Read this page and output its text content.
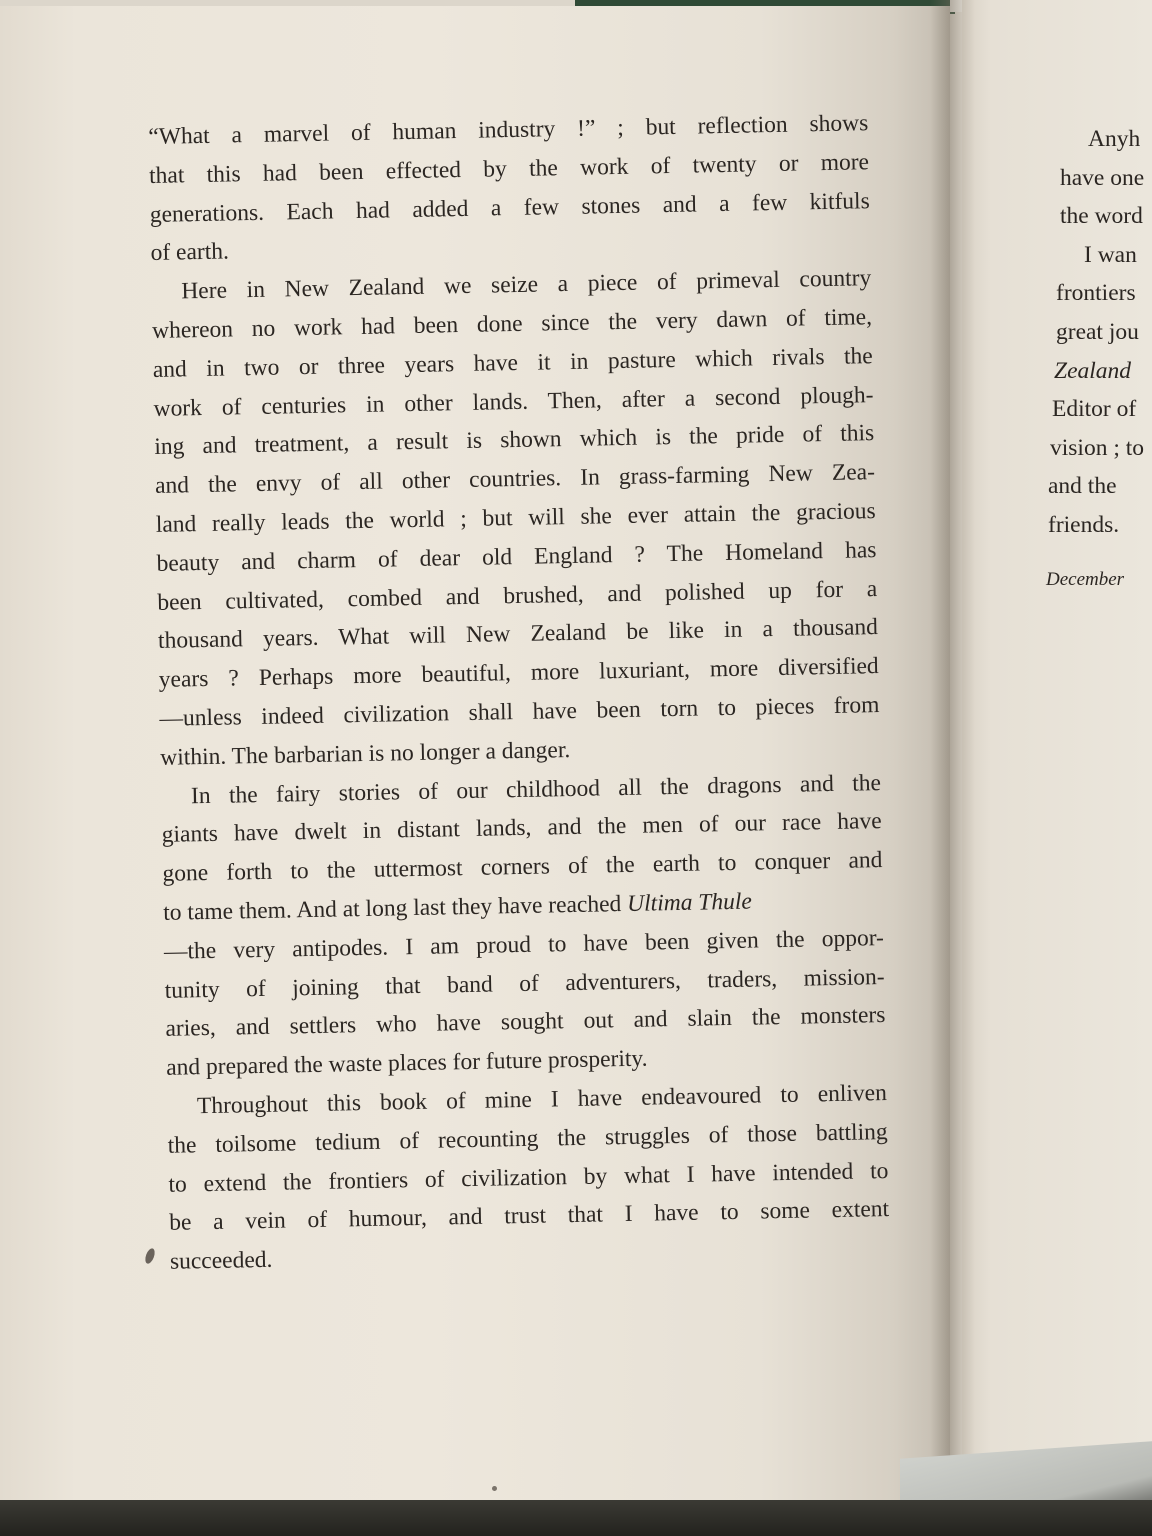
“What a marvel of human industry !” ; but reflection shows
that this had been effected by the work of twenty or more
generations. Each had added a few stones and a few kitfuls
of earth.

Here in New Zealand we seize a piece of primeval country
whereon no work had been done since the very dawn of time,
and in two or three years have it in pasture which rivals the
work of centuries in other lands. Then, after a second plough-
ing and treatment, a result is shown which is the pride of this
and the envy of all other countries. In grass-farming New Zea-
land really leads the world ; but will she ever attain the gracious
beauty and charm of dear old England ? The Homeland has
been cultivated, combed and brushed, and polished up for a
thousand years. What will New Zealand be like in a thousand
years ? Perhaps more beautiful, more luxuriant, more diversified
—unless indeed civilization shall have been torn to pieces from
within. The barbarian is no longer a danger.

In the fairy stories of our childhood all the dragons and the
giants have dwelt in distant lands, and the men of our race have
gone forth to the uttermost corners of the earth to conquer and
to tame them. And at long last they have reached Ultima Thule
—the very antipodes. I am proud to have been given the oppor-
tunity of joining that band of adventurers, traders, mission-
aries, and settlers who have sought out and slain the monsters
and prepared the waste places for future prosperity.

Throughout this book of mine I have endeavoured to enliven
the toilsome tedium of recounting the struggles of those battling
to extend the frontiers of civilization by what I have intended to
be a vein of humour, and trust that I have to some extent
succeeded.

Anyh
have one
the word
I wan
frontiers
great jou
Zealand
Editor of
vision ; to
and the
friends.
December
